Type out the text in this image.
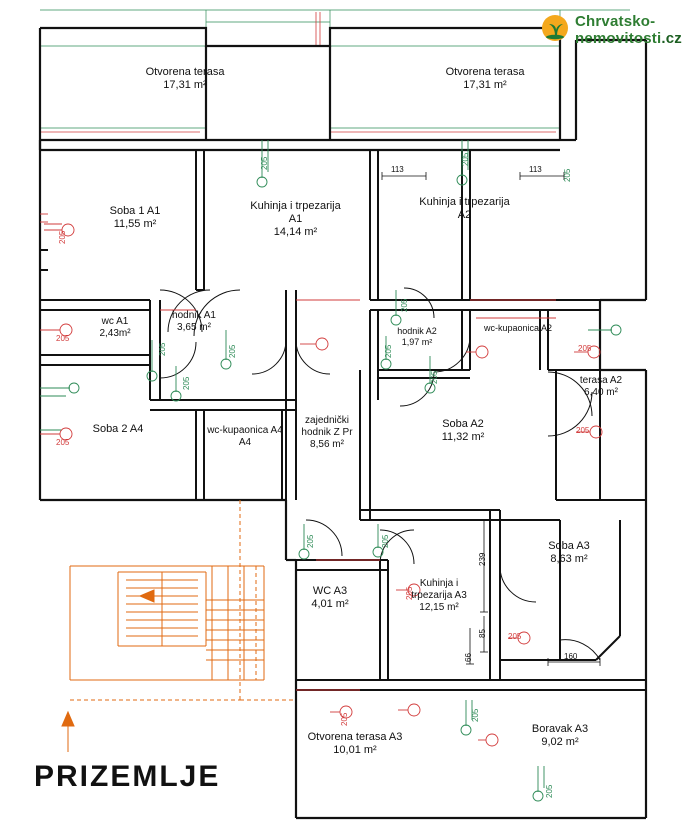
Chrvatsko-
nemovitosti.cz
Otvorena terasa
17,31 m²
Otvorena terasa
17,31 m²
Soba 1 A1
11,55 m²
Kuhinja i trpezarija A1
14,14 m²
Kuhinja i trpezarija A2
wc A1
2,43m²
hodnik A1
3,65 m²	hodnik A2
1,97 m²
wc-kupaonica A2
terasa A2
6,40 m²
Soba 2 A4	wc-kupaonica A4
A4
zajednički hodnik Z Pr
8,56 m²
Soba A2
11,32 m²
Soba A3
8,63 m²
WC A3
4,01 m²
Kuhinja i trpezarija A3
12,15 m²
Otvorena terasa A3
10,01 m²
Boravak A3
9,02 m²
113	113
239
85
66	160
205
205
205	205
205
205
205	205
205
205
205
205
205
205
205
205
205
205	205
205
205
PRIZEMLJE
